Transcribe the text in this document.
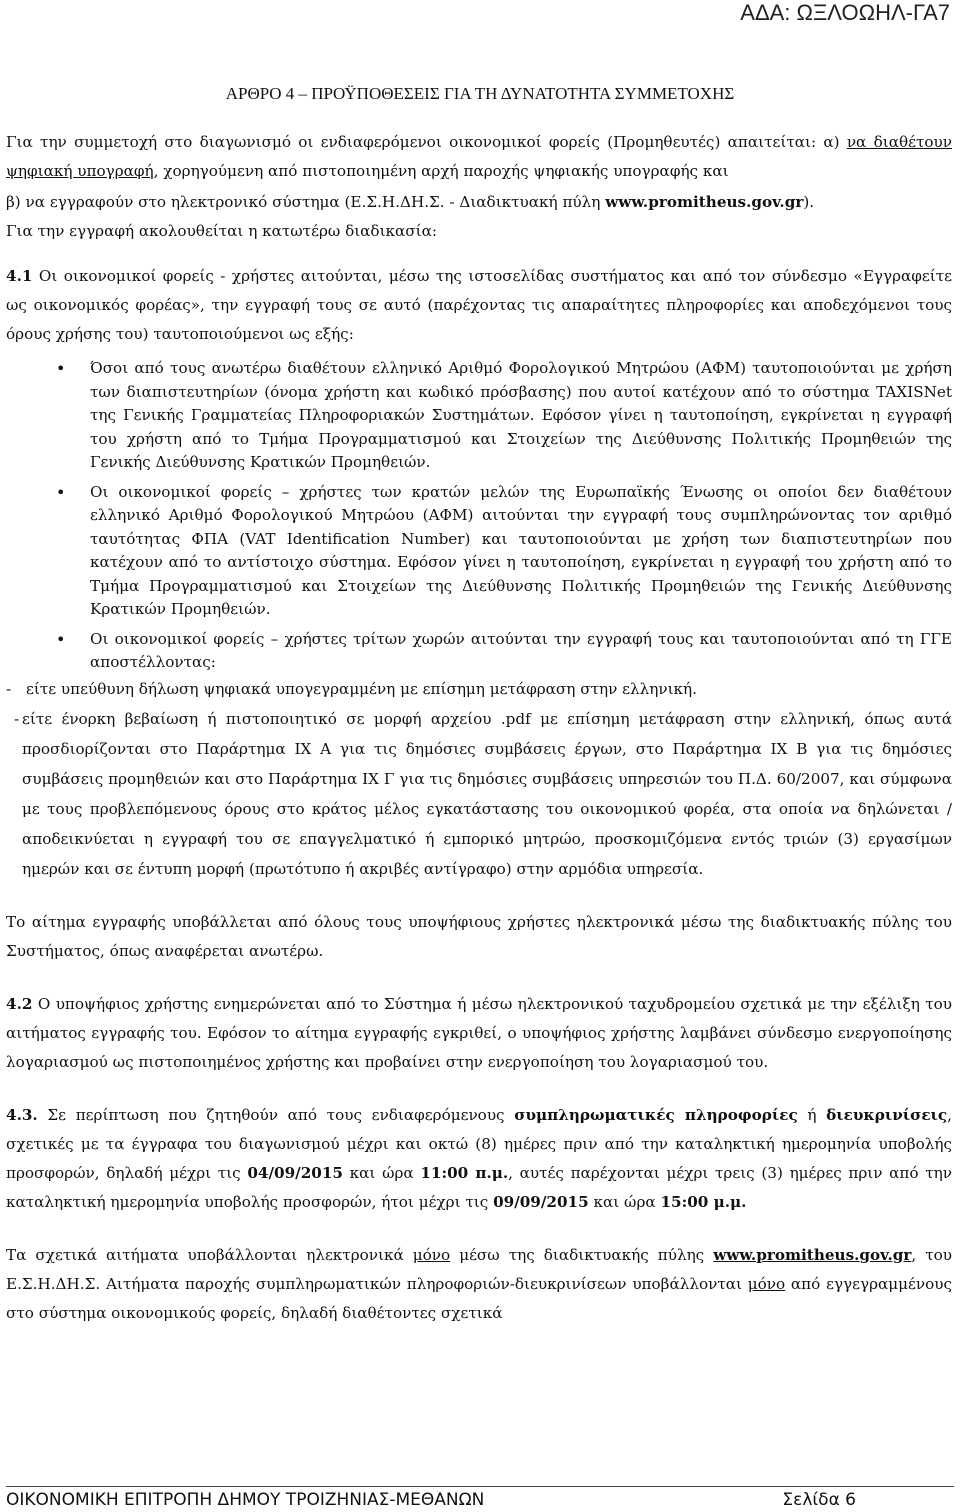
ΑΔΑ: ΩΞΛΟΩΗΛ-ΓΑ7
ΑΡΘΡΟ 4 – ΠΡΟΫΠΟΘΕΣΕΙΣ ΓΙΑ ΤΗ ΔΥΝΑΤΟΤΗΤΑ ΣΥΜΜΕΤΟΧΗΣ

Για την συμμετοχή στο διαγωνισμό οι ενδιαφερόμενοι οικονομικοί φορείς (Προμηθευτές) απαιτείται: α) να διαθέτουν ψηφιακή υπογραφή, χορηγούμενη από πιστοποιημένη αρχή παροχής ψηφιακής υπογραφής και

β) να εγγραφούν στο ηλεκτρονικό σύστημα (Ε.Σ.Η.ΔΗ.Σ. - Διαδικτυακή πύλη www.promitheus.gov.gr).

Για την εγγραφή ακολουθείται η κατωτέρω διαδικασία:

4.1 Οι οικονομικοί φορείς - χρήστες αιτούνται, μέσω της ιστοσελίδας συστήματος και από τον σύνδεσμο «Εγγραφείτε ως οικονομικός φορέας», την εγγραφή τους σε αυτό (παρέχοντας τις απαραίτητες πληροφορίες και αποδεχόμενοι τους όρους χρήσης του) ταυτοποιούμενοι ως εξής:

• Όσοι από τους ανωτέρω διαθέτουν ελληνικό Αριθμό Φορολογικού Μητρώου (ΑΦΜ) ταυτοποιούνται με χρήση των διαπιστευτηρίων (όνομα χρήστη και κωδικό πρόσβασης) που αυτοί κατέχουν από το σύστημα TAXISNet της Γενικής Γραμματείας Πληροφοριακών Συστημάτων. Εφόσον γίνει η ταυτοποίηση, εγκρίνεται η εγγραφή του χρήστη από το Τμήμα Προγραμματισμού και Στοιχείων της Διεύθυνσης Πολιτικής Προμηθειών της Γενικής Διεύθυνσης Κρατικών Προμηθειών.
• Οι οικονομικοί φορείς – χρήστες των κρατών μελών της Ευρωπαϊκής Ένωσης οι οποίοι δεν διαθέτουν ελληνικό Αριθμό Φορολογικού Μητρώου (ΑΦΜ) αιτούνται την εγγραφή τους συμπληρώνοντας τον αριθμό ταυτότητας ΦΠΑ (VAT Identification Number) και ταυτοποιούνται με χρήση των διαπιστευτηρίων που κατέχουν από το αντίστοιχο σύστημα. Εφόσον γίνει η ταυτοποίηση, εγκρίνεται η εγγραφή του χρήστη από το Τμήμα Προγραμματισμού και Στοιχείων της Διεύθυνσης Πολιτικής Προμηθειών της Γενικής Διεύθυνσης Κρατικών Προμηθειών.
• Οι οικονομικοί φορείς – χρήστες τρίτων χωρών αιτούνται την εγγραφή τους και ταυτοποιούνται από τη ΓΓΕ αποστέλλοντας:

- είτε υπεύθυνη δήλωση ψηφιακά υπογεγραμμένη με επίσημη μετάφραση στην ελληνική.

- είτε ένορκη βεβαίωση ή πιστοποιητικό σε μορφή αρχείου .pdf με επίσημη μετάφραση στην ελληνική, όπως αυτά προσδιορίζονται στο Παράρτημα IX A για τις δημόσιες συμβάσεις έργων, στο Παράρτημα IX B για τις δημόσιες συμβάσεις προμηθειών και στο Παράρτημα IX Γ για τις δημόσιες συμβάσεις υπηρεσιών του Π.Δ. 60/2007, και σύμφωνα με τους προβλεπόμενους όρους στο κράτος μέλος εγκατάστασης του οικονομικού φορέα, στα οποία να δηλώνεται / αποδεικνύεται η εγγραφή του σε επαγγελματικό ή εμπορικό μητρώο, προσκομιζόμενα εντός τριών (3) εργασίμων ημερών και σε έντυπη μορφή (πρωτότυπο ή ακριβές αντίγραφο) στην αρμόδια υπηρεσία.

Το αίτημα εγγραφής υποβάλλεται από όλους τους υποψήφιους χρήστες ηλεκτρονικά μέσω της διαδικτυακής πύλης του Συστήματος, όπως αναφέρεται ανωτέρω.

4.2 Ο υποψήφιος χρήστης ενημερώνεται από το Σύστημα ή μέσω ηλεκτρονικού ταχυδρομείου σχετικά με την εξέλιξη του αιτήματος εγγραφής του. Εφόσον το αίτημα εγγραφής εγκριθεί, ο υποψήφιος χρήστης λαμβάνει σύνδεσμο ενεργοποίησης λογαριασμού ως πιστοποιημένος χρήστης και προβαίνει στην ενεργοποίηση του λογαριασμού του.

4.3. Σε περίπτωση που ζητηθούν από τους ενδιαφερόμενους συμπληρωματικές πληροφορίες ή διευκρινίσεις, σχετικές με τα έγγραφα του διαγωνισμού μέχρι και οκτώ (8) ημέρες πριν από την καταληκτική ημερομηνία υποβολής προσφορών, δηλαδή μέχρι τις 04/09/2015 και ώρα 11:00 π.μ., αυτές παρέχονται μέχρι τρεις (3) ημέρες πριν από την καταληκτική ημερομηνία υποβολής προσφορών, ήτοι μέχρι τις 09/09/2015 και ώρα 15:00 μ.μ.

Τα σχετικά αιτήματα υποβάλλονται ηλεκτρονικά μόνο μέσω της διαδικτυακής πύλης www.promitheus.gov.gr, του Ε.Σ.Η.ΔΗ.Σ. Αιτήματα παροχής συμπληρωματικών πληροφοριών-διευκρινίσεων υποβάλλονται μόνο από εγγεγραμμένους στο σύστημα οικονομικούς φορείς, δηλαδή διαθέτοντες σχετικά

ΟΙΚΟΝΟΜΙΚΗ ΕΠΙΤΡΟΠΗ ΔΗΜΟΥ ΤΡΟΙΖΗΝΙΑΣ-ΜΕΘΑΝΩΝ	Σελίδα 6
